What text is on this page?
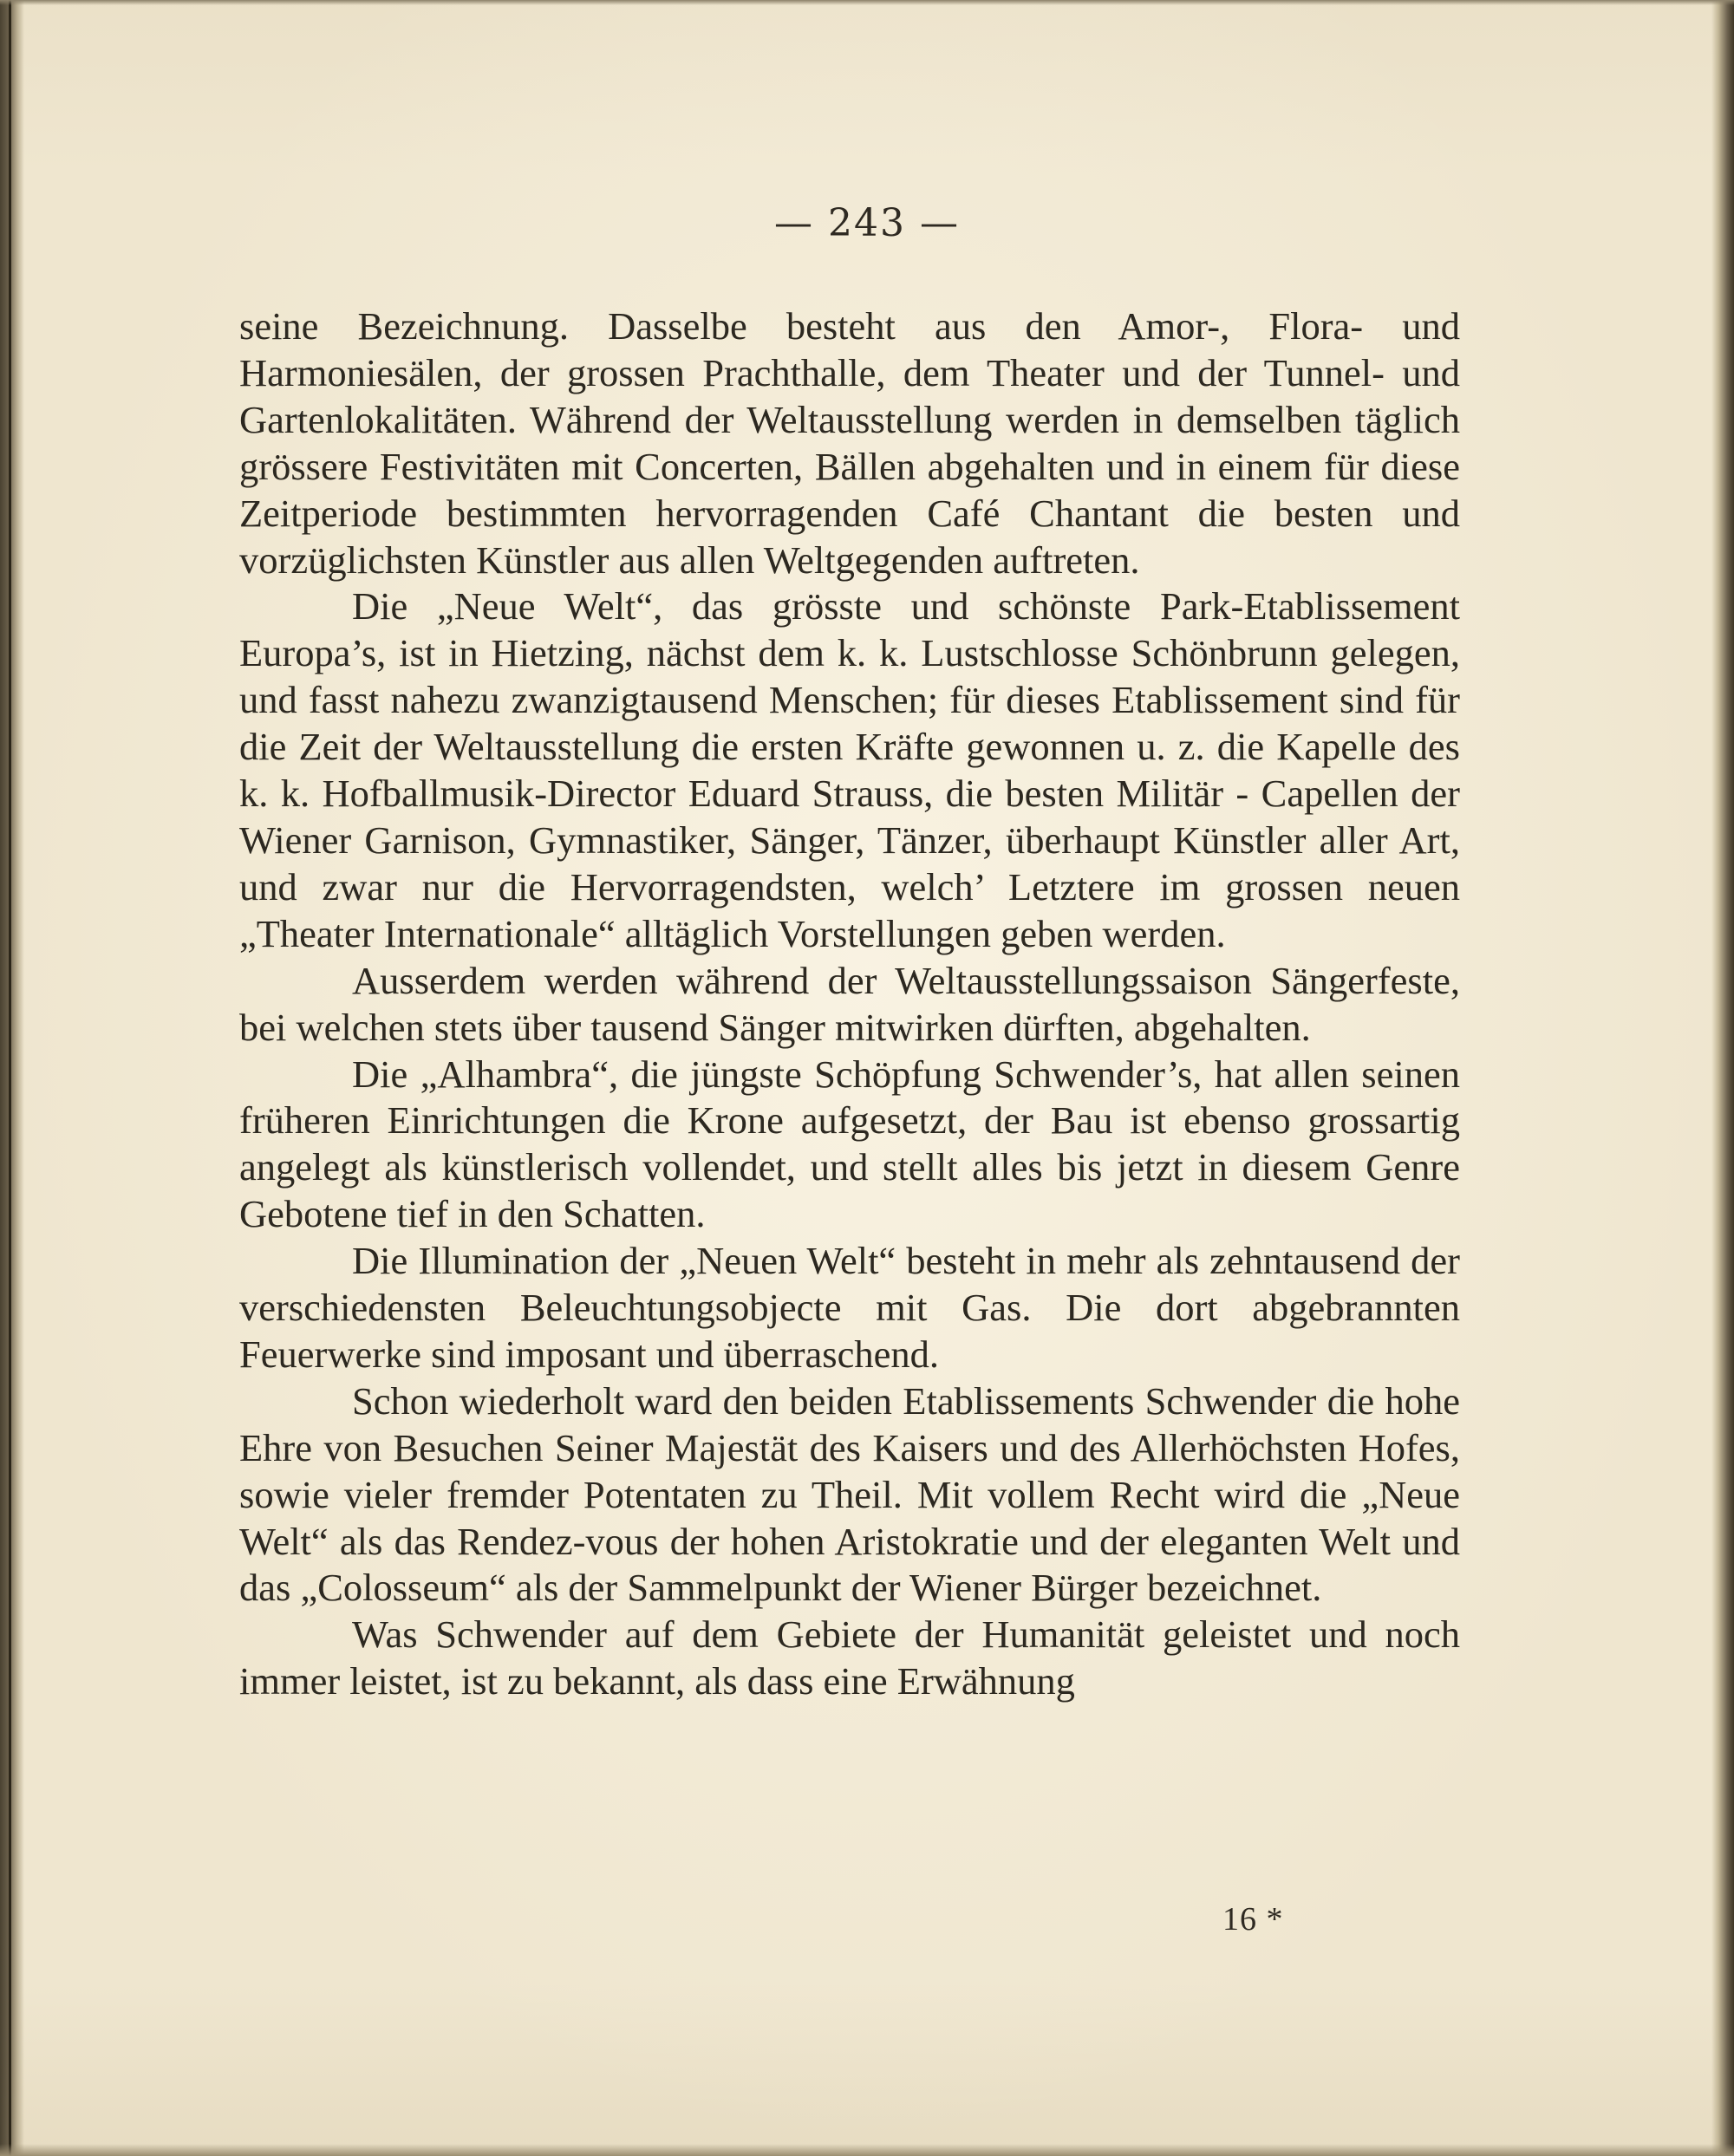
— 243 —

seine Bezeichnung. Dasselbe besteht aus den Amor-, Flora- und Harmoniesälen, der grossen Prachthalle, dem Theater und der Tunnel- und Gartenlokalitäten. Während der Weltausstellung werden in demselben täglich grössere Festivitäten mit Concerten, Bällen abgehalten und in einem für diese Zeitperiode bestimmten hervorragenden Café Chantant die besten und vorzüglichsten Künstler aus allen Weltgegenden auftreten.

Die „Neue Welt“, das grösste und schönste Park-Etablissement Europa’s, ist in Hietzing, nächst dem k. k. Lustschlosse Schönbrunn gelegen, und fasst nahezu zwanzigtausend Menschen; für dieses Etablissement sind für die Zeit der Weltausstellung die ersten Kräfte gewonnen u. z. die Kapelle des k. k. Hofballmusik-Director Eduard Strauss, die besten Militär - Capellen der Wiener Garnison, Gymnastiker, Sänger, Tänzer, überhaupt Künstler aller Art, und zwar nur die Hervorragendsten, welch’ Letztere im grossen neuen „Theater Internationale“ alltäglich Vorstellungen geben werden.

Ausserdem werden während der Weltausstellungssaison Sängerfeste, bei welchen stets über tausend Sänger mitwirken dürften, abgehalten.

Die „Alhambra“, die jüngste Schöpfung Schwender’s, hat allen seinen früheren Einrichtungen die Krone aufgesetzt, der Bau ist ebenso grossartig angelegt als künstlerisch vollendet, und stellt alles bis jetzt in diesem Genre Gebotene tief in den Schatten.

Die Illumination der „Neuen Welt“ besteht in mehr als zehntausend der verschiedensten Beleuchtungsobjecte mit Gas. Die dort abgebrannten Feuerwerke sind imposant und überraschend.

Schon wiederholt ward den beiden Etablissements Schwender die hohe Ehre von Besuchen Seiner Majestät des Kaisers und des Allerhöchsten Hofes, sowie vieler fremder Potentaten zu Theil. Mit vollem Recht wird die „Neue Welt“ als das Rendez-vous der hohen Aristokratie und der eleganten Welt und das „Colosseum“ als der Sammelpunkt der Wiener Bürger bezeichnet.

Was Schwender auf dem Gebiete der Humanität geleistet und noch immer leistet, ist zu bekannt, als dass eine Erwähnung

16 *
